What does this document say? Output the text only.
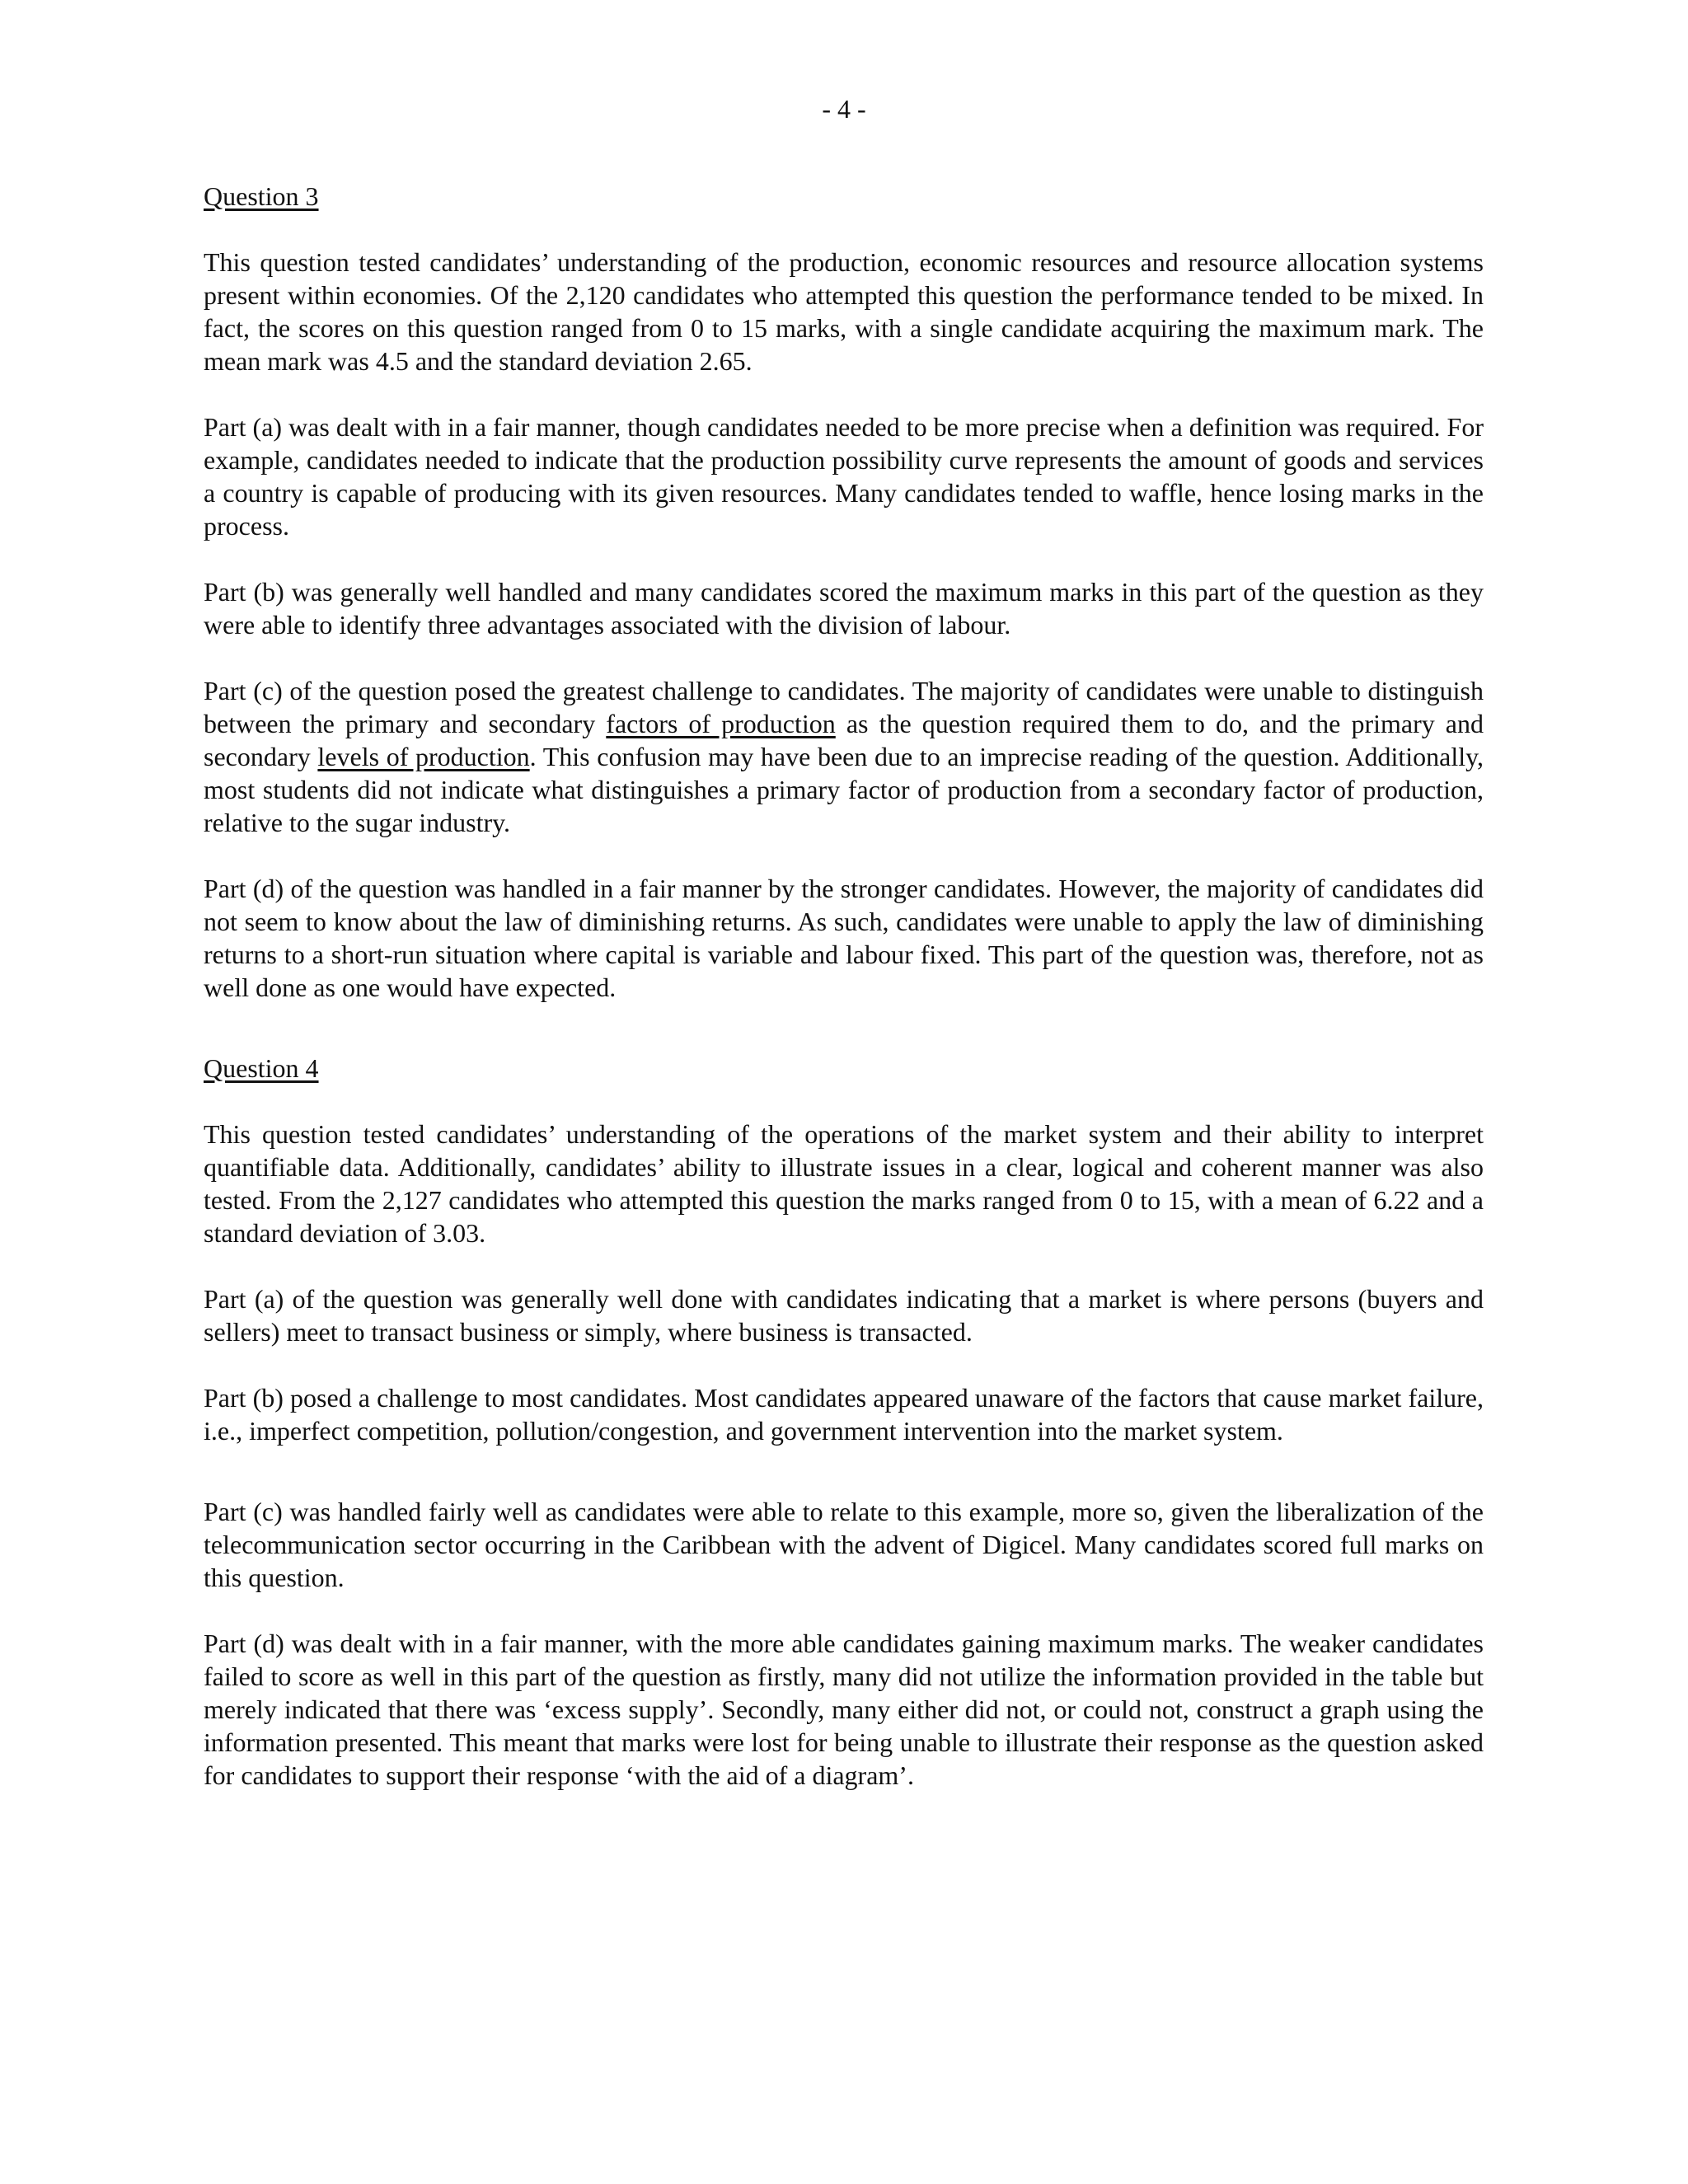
- 4 -
Question 3

This question tested candidates’ understanding of the production, economic resources and resource allocation systems present within economies. Of the 2,120 candidates who attempted this question the performance tended to be mixed. In fact, the scores on this question ranged from 0 to 15 marks, with a single candidate acquiring the maximum mark. The mean mark was 4.5 and the standard deviation 2.65.

Part (a) was dealt with in a fair manner, though candidates needed to be more precise when a definition was required. For example, candidates needed to indicate that the production possibility curve represents the amount of goods and services a country is capable of producing with its given resources. Many candidates tended to waffle, hence losing marks in the process.

Part (b) was generally well handled and many candidates scored the maximum marks in this part of the question as they were able to identify three advantages associated with the division of labour.

Part (c) of the question posed the greatest challenge to candidates. The majority of candidates were unable to distinguish between the primary and secondary factors of production as the question required them to do, and the primary and secondary levels of production. This confusion may have been due to an imprecise reading of the question. Additionally, most students did not indicate what distinguishes a primary factor of production from a secondary factor of production, relative to the sugar industry.

Part (d) of the question was handled in a fair manner by the stronger candidates. However, the majority of candidates did not seem to know about the law of diminishing returns. As such, candidates were unable to apply the law of diminishing returns to a short-run situation where capital is variable and labour fixed. This part of the question was, therefore, not as well done as one would have expected.

Question 4

This question tested candidates’ understanding of the operations of the market system and their ability to interpret quantifiable data. Additionally, candidates’ ability to illustrate issues in a clear, logical and coherent manner was also tested. From the 2,127 candidates who attempted this question the marks ranged from 0 to 15, with a mean of 6.22 and a standard deviation of 3.03.

Part (a) of the question was generally well done with candidates indicating that a market is where persons (buyers and sellers) meet to transact business or simply, where business is transacted.

Part (b) posed a challenge to most candidates. Most candidates appeared unaware of the factors that cause market failure, i.e., imperfect competition, pollution/congestion, and government intervention into the market system.

Part (c) was handled fairly well as candidates were able to relate to this example, more so, given the liberalization of the telecommunication sector occurring in the Caribbean with the advent of Digicel. Many candidates scored full marks on this question.

Part (d) was dealt with in a fair manner, with the more able candidates gaining maximum marks. The weaker candidates failed to score as well in this part of the question as firstly, many did not utilize the information provided in the table but merely indicated that there was ‘excess supply’. Secondly, many either did not, or could not, construct a graph using the information presented. This meant that marks were lost for being unable to illustrate their response as the question asked for candidates to support their response ‘with the aid of a diagram’.
